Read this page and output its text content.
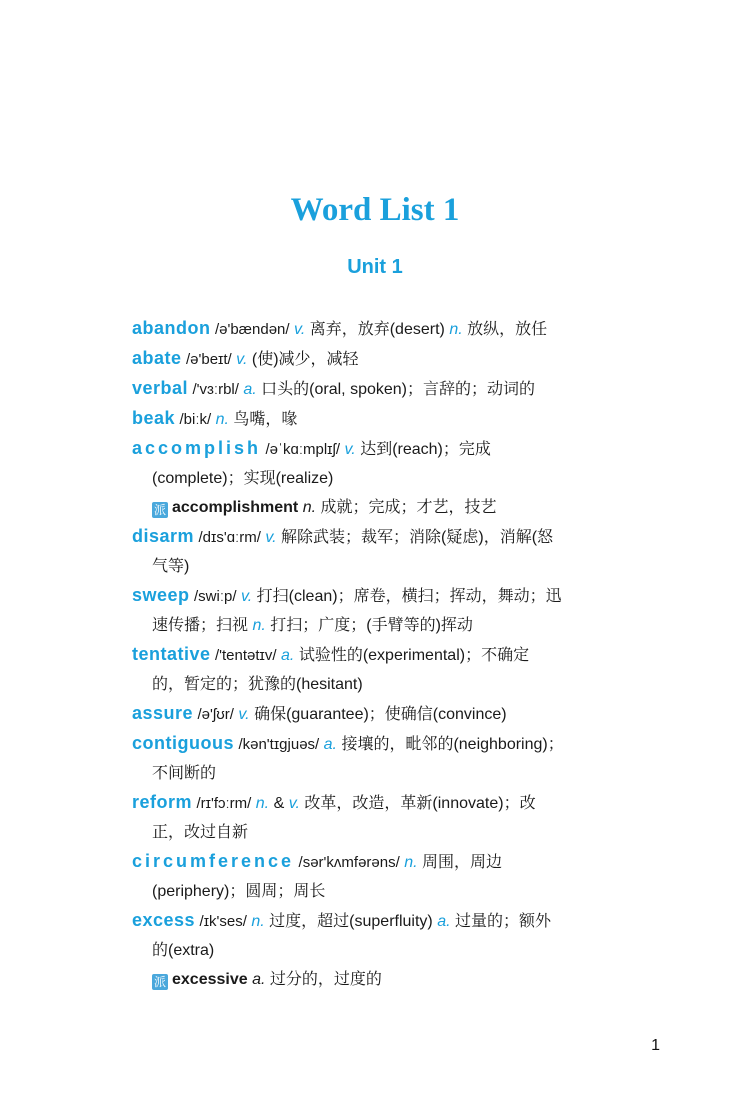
Word List 1
Unit 1
abandon /ə'bændən/ v. 离弃，放弃(desert) n. 放纵，放任
abate /ə'beɪt/ v. (使)减少，减轻
verbal /'vɜːrbl/ a. 口头的(oral, spoken)；言辞的；动词的
beak /biːk/ n. 鸟嘴，喙
accomplish /əˈkɑːmplɪʃ/ v. 达到(reach)；完成
(complete)；实现(realize)
派 accomplishment n. 成就；完成；才艺，技艺
disarm /dɪs'ɑːrm/ v. 解除武装；裁军；消除(疑虑)，消解(怒
气等)
sweep /swiːp/ v. 打扫(clean)；席卷，横扫；挥动，舞动；迅
速传播；扫视 n. 打扫；广度；(手臂等的)挥动
tentative /'tentətɪv/ a. 试验性的(experimental)；不确定
的，暂定的；犹豫的(hesitant)
assure /ə'ʃʊr/ v. 确保(guarantee)；使确信(convince)
contiguous /kən'tɪgjuəs/ a. 接壤的，毗邻的(neighboring)；
不间断的
reform /rɪ'fɔːrm/ n. & v. 改革，改造，革新(innovate)；改
正，改过自新
circumference /sər'kʌmfərəns/ n. 周围，周边
(periphery)；圆周；周长
excess /ɪk'ses/ n. 过度，超过(superfluity) a. 过量的；额外
的(extra)
派 excessive a. 过分的，过度的
1
